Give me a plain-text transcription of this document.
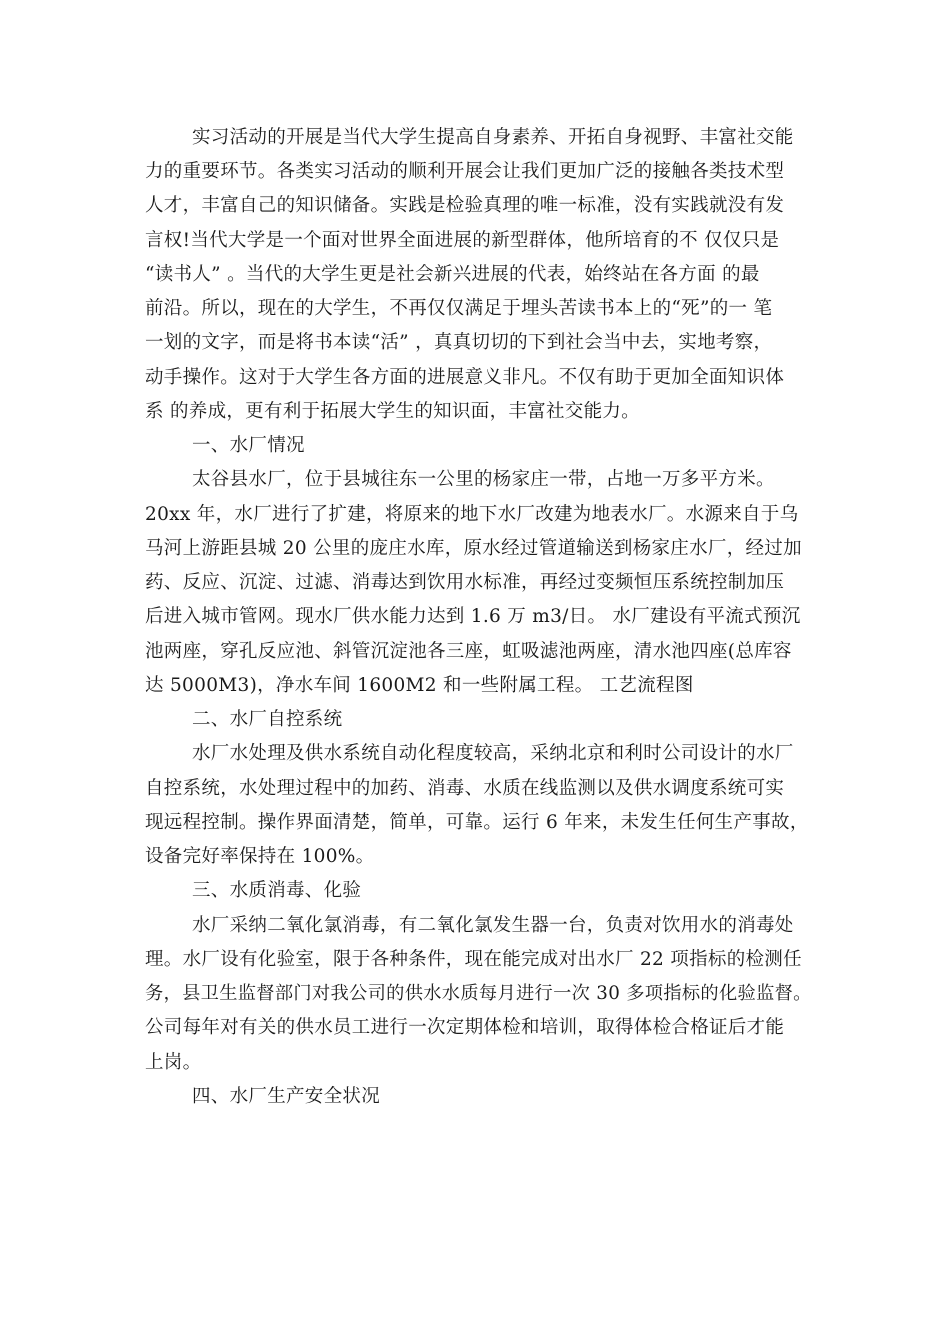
实习活动的开展是当代大学生提高自身素养、开拓自身视野、丰富社交能
力的重要环节。各类实习活动的顺利开展会让我们更加广泛的接触各类技术型
人才，丰富自己的知识储备。实践是检验真理的唯一标准，没有实践就没有发
言权!当代大学是一个面对世界全面进展的新型群体，他所培育的不 仅仅只是
“读书人” 。当代的大学生更是社会新兴进展的代表，始终站在各方面 的最
前沿。所以，现在的大学生，不再仅仅满足于埋头苦读书本上的“死”的一 笔
一划的文字，而是将书本读“活” ，真真切切的下到社会当中去，实地考察，
动手操作。这对于大学生各方面的进展意义非凡。不仅有助于更加全面知识体
系 的养成，更有利于拓展大学生的知识面，丰富社交能力。
一、水厂情况
太谷县水厂，位于县城往东一公里的杨家庄一带，占地一万多平方米。
20xx 年，水厂进行了扩建，将原来的地下水厂改建为地表水厂。水源来自于乌
马河上游距县城 20 公里的庞庄水库，原水经过管道输送到杨家庄水厂，经过加
药、反应、沉淀、过滤、消毒达到饮用水标准，再经过变频恒压系统控制加压
后进入城市管网。现水厂供水能力达到 1.6 万 m3/日。 水厂建设有平流式预沉
池两座，穿孔反应池、斜管沉淀池各三座，虹吸滤池两座，清水池四座(总库容
达 5000M3)，净水车间 1600M2 和一些附属工程。 工艺流程图
二、水厂自控系统
水厂水处理及供水系统自动化程度较高，采纳北京和利时公司设计的水厂
自控系统，水处理过程中的加药、消毒、水质在线监测以及供水调度系统可实
现远程控制。操作界面清楚，简单，可靠。运行 6 年来，未发生任何生产事故，
设备完好率保持在 100%。
三、水质消毒、化验
水厂采纳二氧化氯消毒，有二氧化氯发生器一台，负责对饮用水的消毒处
理。水厂设有化验室，限于各种条件，现在能完成对出水厂 22 项指标的检测任
务，县卫生监督部门对我公司的供水水质每月进行一次 30 多项指标的化验监督。
公司每年对有关的供水员工进行一次定期体检和培训，取得体检合格证后才能
上岗。
四、水厂生产安全状况
